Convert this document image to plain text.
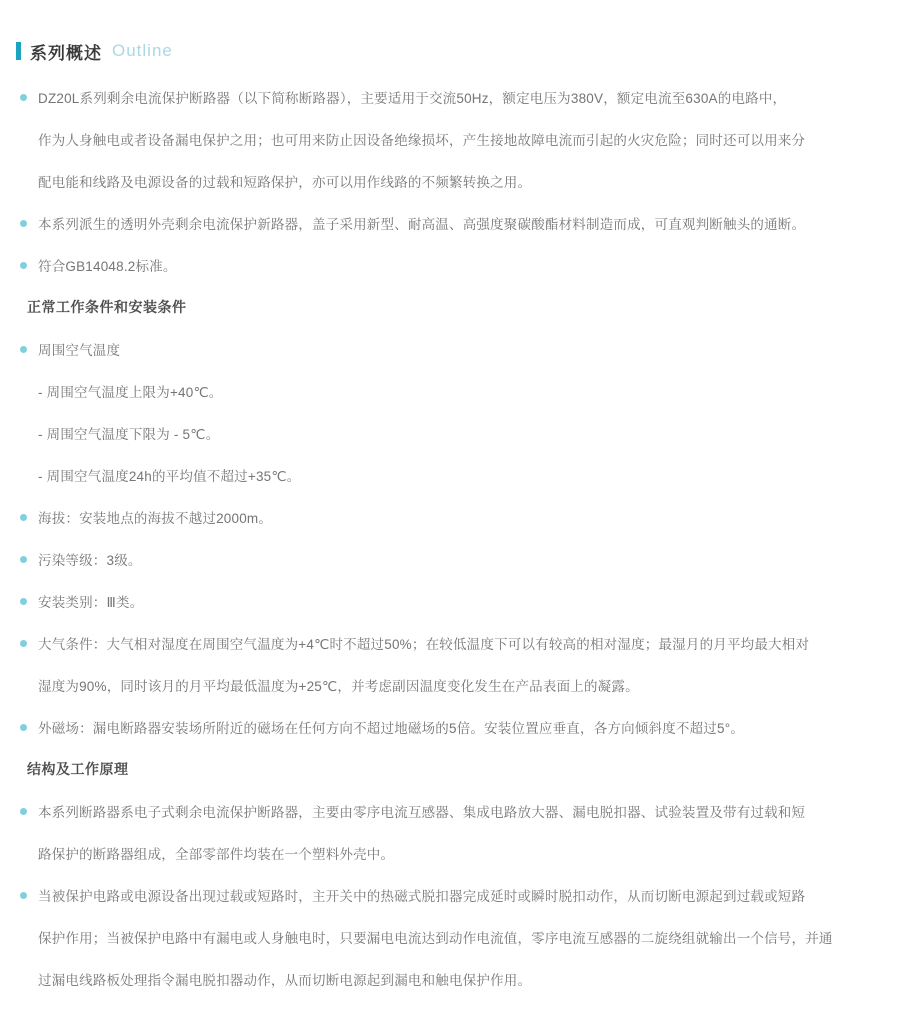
系列概述 Outline
DZ20L系列剩余电流保护断路器（以下简称断路器），主要适用于交流50Hz，额定电压为380V，额定电流至630A的电路中，
作为人身触电或者设备漏电保护之用；也可用来防止因设备绝缘损坏，产生接地故障电流而引起的火灾危险；同时还可以用来分
配电能和线路及电源设备的过载和短路保护，亦可以用作线路的不频繁转换之用。
本系列派生的透明外壳剩余电流保护新路器，盖子采用新型、耐高温、高强度聚碳酸酯材料制造而成，可直观判断触头的通断。
符合GB14048.2标准。
正常工作条件和安装条件
周围空气温度
- 周围空气温度上限为+40℃。
- 周围空气温度下限为 - 5℃。
- 周围空气温度24h的平均值不超过+35℃。
海拔：安装地点的海拔不越过2000m。
污染等级：3级。
安装类别：Ⅲ类。
大气条件：大气相对湿度在周围空气温度为+4℃时不超过50%；在较低温度下可以有较高的相对湿度；最湿月的月平均最大相对
湿度为90%，同时该月的月平均最低温度为+25℃，并考虑副因温度变化发生在产品表面上的凝露。
外磁场：漏电断路器安装场所附近的磁场在任何方向不超过地磁场的5倍。安装位置应垂直，各方向倾斜度不超过5°。
结构及工作原理
本系列断路器系电子式剩余电流保护断路器，主要由零序电流互感器、集成电路放大器、漏电脱扣器、试验装置及带有过载和短
路保护的断路器组成，全部零部件均装在一个塑料外壳中。
当被保护电路或电源设备出现过载或短路时，主开关中的热磁式脱扣器完成延时或瞬时脱扣动作，从而切断电源起到过载或短路
保护作用；当被保护电路中有漏电或人身触电时，只要漏电电流达到动作电流值，零序电流互感器的二旋绕组就输出一个信号，并通
过漏电线路板处理指令漏电脱扣器动作，从而切断电源起到漏电和触电保护作用。
